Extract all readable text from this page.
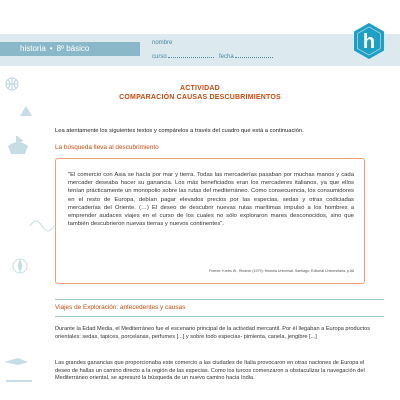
historia • 8º básico
nombre
curso	fecha
h
ACTIVIDAD
COMPARACIÓN CAUSAS DESCUBRIMIENTOS
Lea atentamente los siguientes textos y compárelos a través del cuadro que está a continuación.
La búsqueda lleva al descubrimiento
"El comercio con Asia se hacía por mar y tierra. Todas las mercaderías pasaban por muchas manos y cada mercader deseaba hacer su ganancia. Los más beneficiados eran los mercaderes italianos, ya que ellos tenían prácticamente un monopolio sobre las rutas del mediterráneo. Como consecuencia, los consumidores en el resto de Europa, debían pagar elevados precios por las especias, sedas y otras codiciadas mercaderías del Oriente. (…) El deseo de descubrir nuevas rutas marítimas impulsó a los hombres a emprender audaces viajes en el curso de los cuales no sólo exploraron mares desconocidos, sino que también descubrieron nuevas tierras y nuevos continentes".
Fuente: Krebs W., Ricardo (1979): Historia Universal. Santiago: Editorial Universitaria. p.88
Viajes de Exploración: antecedentes y causas
Durante la Edad Media, el Mediterráneo fue el escenario principal de la actividad mercantil. Por él llegaban a Europa productos orientales: sedas, tapices, porcelanas, perfumes [...] y sobre todo especias- pimienta, canela, jengibre [...]
Las grandes ganancias que proporcionaba este comercio a las ciudades de Italia provocaron en otras naciones de Europa el deseo de hallas un camino directo a la región de las especias. Como los turcos comenzaron a obstaculizar la navegación del Mediterráneo oriental, se apresuró la búsqueda de un nuevo camino hacia India.
